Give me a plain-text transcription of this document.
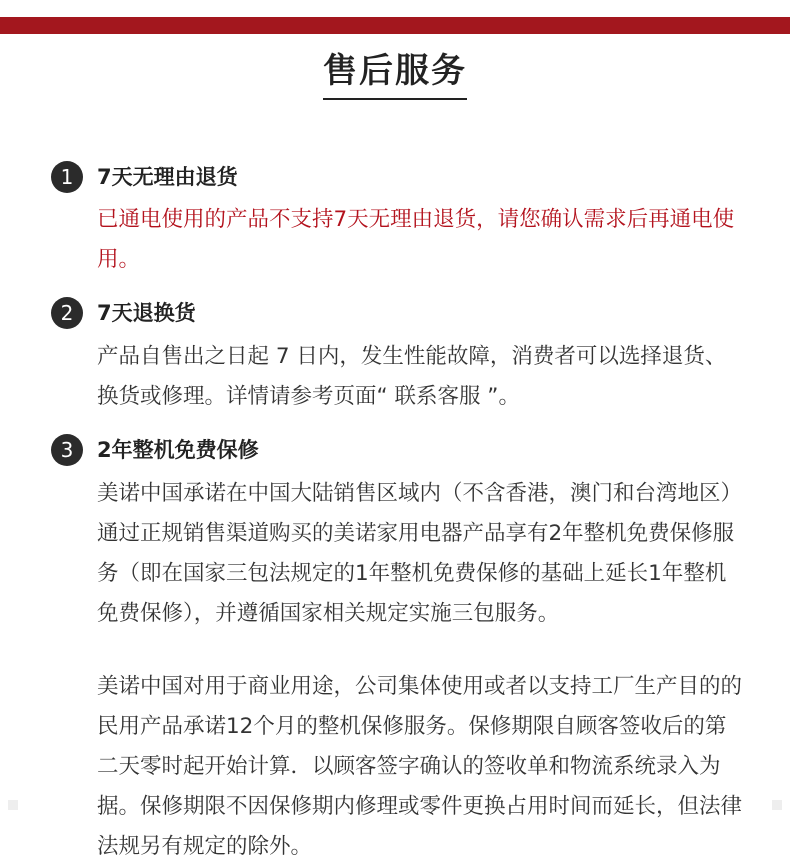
售后服务
1	7天无理由退货

已通电使用的产品不支持7天无理由退货，请您确认需求后再通电使用。

2	7天退换货

产品自售出之日起 7 日内，发生性能故障，消费者可以选择退货、换货或修理。详情请参考页面“ 联系客服 ”。

3	2年整机免费保修

美诺中国承诺在中国大陆销售区域内（不含香港，澳门和台湾地区）通过正规销售渠道购买的美诺家用电器产品享有2年整机免费保修服务（即在国家三包法规定的1年整机免费保修的基础上延长1年整机免费保修），并遵循国家相关规定实施三包服务。

美诺中国对用于商业用途，公司集体使用或者以支持工厂生产目的的民用产品承诺12个月的整机保修服务。保修期限自顾客签收后的第二天零时起开始计算．以顾客签字确认的签收单和物流系统录入为据。保修期限不因保修期内修理或零件更换占用时间而延长，但法律法规另有规定的除外。
